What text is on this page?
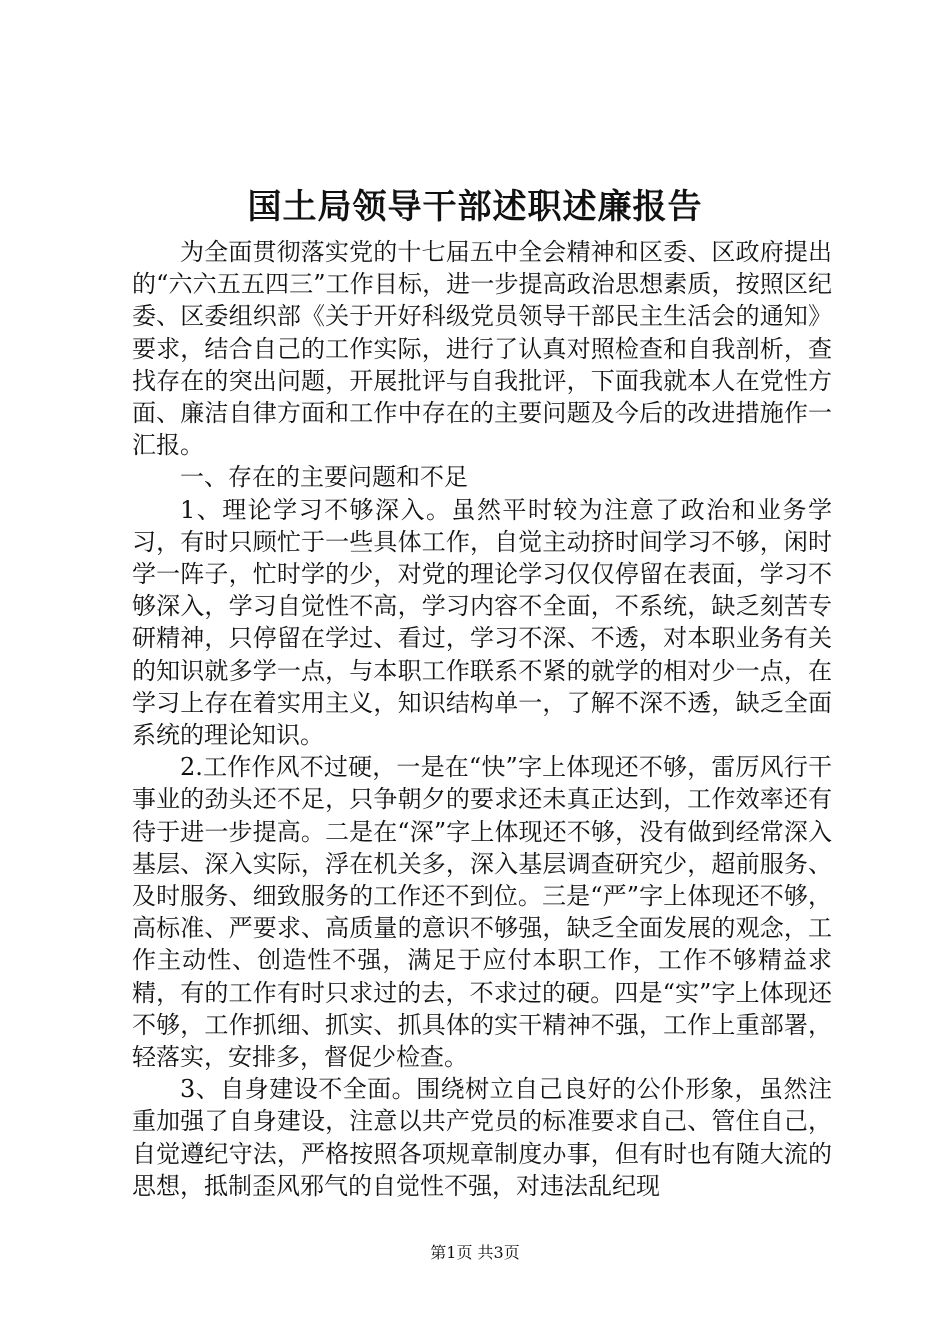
国土局领导干部述职述廉报告

为全面贯彻落实党的十七届五中全会精神和区委、区政府提出的“六六五五四三”工作目标，进一步提高政治思想素质，按照区纪委、区委组织部《关于开好科级党员领导干部民主生活会的通知》要求，结合自己的工作实际，进行了认真对照检查和自我剖析，查找存在的突出问题，开展批评与自我批评，下面我就本人在党性方面、廉洁自律方面和工作中存在的主要问题及今后的改进措施作一汇报。

一、存在的主要问题和不足

1、理论学习不够深入。虽然平时较为注意了政治和业务学习，有时只顾忙于一些具体工作，自觉主动挤时间学习不够，闲时学一阵子，忙时学的少，对党的理论学习仅仅停留在表面，学习不够深入，学习自觉性不高，学习内容不全面，不系统，缺乏刻苦专研精神，只停留在学过、看过，学习不深、不透，对本职业务有关的知识就多学一点，与本职工作联系不紧的就学的相对少一点，在学习上存在着实用主义，知识结构单一，了解不深不透，缺乏全面系统的理论知识。

2.工作作风不过硬，一是在“快”字上体现还不够，雷厉风行干事业的劲头还不足，只争朝夕的要求还未真正达到，工作效率还有待于进一步提高。二是在“深”字上体现还不够，没有做到经常深入基层、深入实际，浮在机关多，深入基层调查研究少，超前服务、及时服务、细致服务的工作还不到位。三是“严”字上体现还不够，高标准、严要求、高质量的意识不够强，缺乏全面发展的观念，工作主动性、创造性不强，满足于应付本职工作，工作不够精益求精，有的工作有时只求过的去，不求过的硬。四是“实”字上体现还不够，工作抓细、抓实、抓具体的实干精神不强，工作上重部署，轻落实，安排多，督促少检查。

3、自身建设不全面。围绕树立自己良好的公仆形象，虽然注重加强了自身建设，注意以共产党员的标准要求自己、管住自己，自觉遵纪守法，严格按照各项规章制度办事，但有时也有随大流的思想，抵制歪风邪气的自觉性不强，对违法乱纪现

第1页 共3页
